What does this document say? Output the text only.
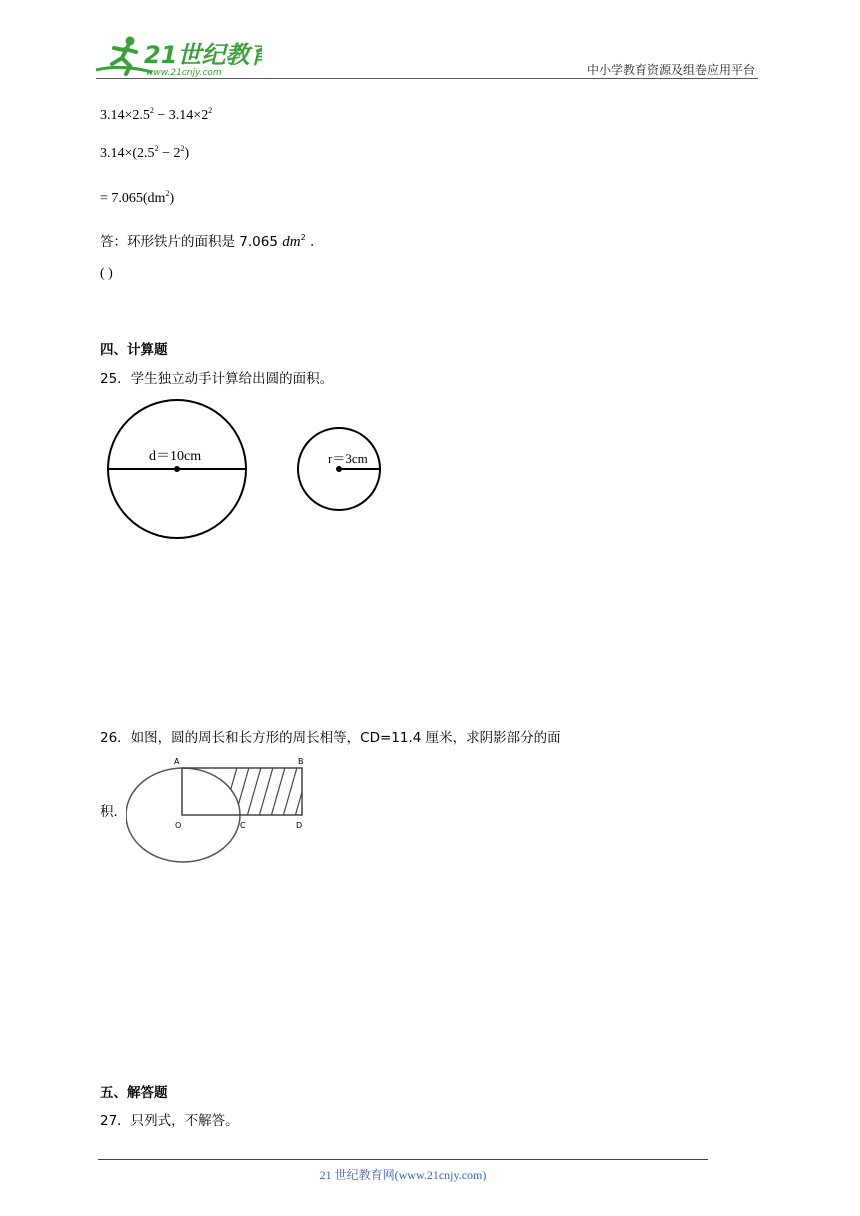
21世纪教育
www.21cnjy.com	中小学教育资源及组卷应用平台
$3.14\times 2.5^2 - 3.14\times 2^2$
$3.14\times(2.5^2 - 2^2)$
= $7.065(dm^2)$
答：环形铁片的面积是 7.065 $dm^2$ .
( )
四、计算题
25．学生独立动手计算给出圆的面积。
d＝10cm	r＝3cm
26．如图，圆的周长和长方形的周长相等，CD=11.4 厘米，求阴影部分的面
A	B
O	C	D
积．
五、解答题
27．只列式，不解答。
21 世纪教育网(www.21cnjy.com)
